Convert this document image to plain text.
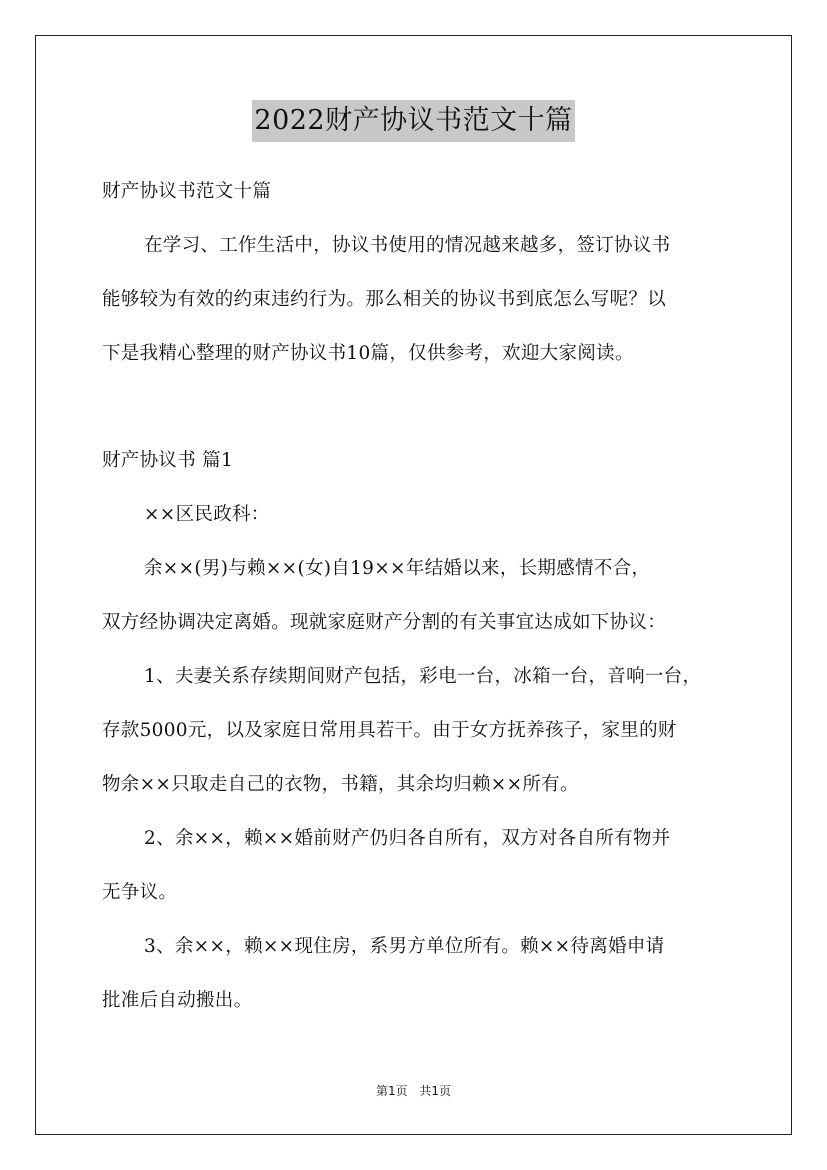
2022财产协议书范文十篇
财产协议书范文十篇
在学习、工作生活中，协议书使用的情况越来越多，签订协议书
能够较为有效的约束违约行为。那么相关的协议书到底怎么写呢？以
下是我精心整理的财产协议书10篇，仅供参考，欢迎大家阅读。
财产协议书 篇1
××区民政科：
余××(男)与赖××(女)自19××年结婚以来，长期感情不合，
双方经协调决定离婚。现就家庭财产分割的有关事宜达成如下协议：
1、夫妻关系存续期间财产包括，彩电一台，冰箱一台，音响一台，
存款5000元，以及家庭日常用具若干。由于女方抚养孩子，家里的财
物余××只取走自己的衣物，书籍，其余均归赖××所有。
2、余××，赖××婚前财产仍归各自所有，双方对各自所有物并
无争议。
3、余××，赖××现住房，系男方单位所有。赖××待离婚申请
批准后自动搬出。
第1页 共1页
